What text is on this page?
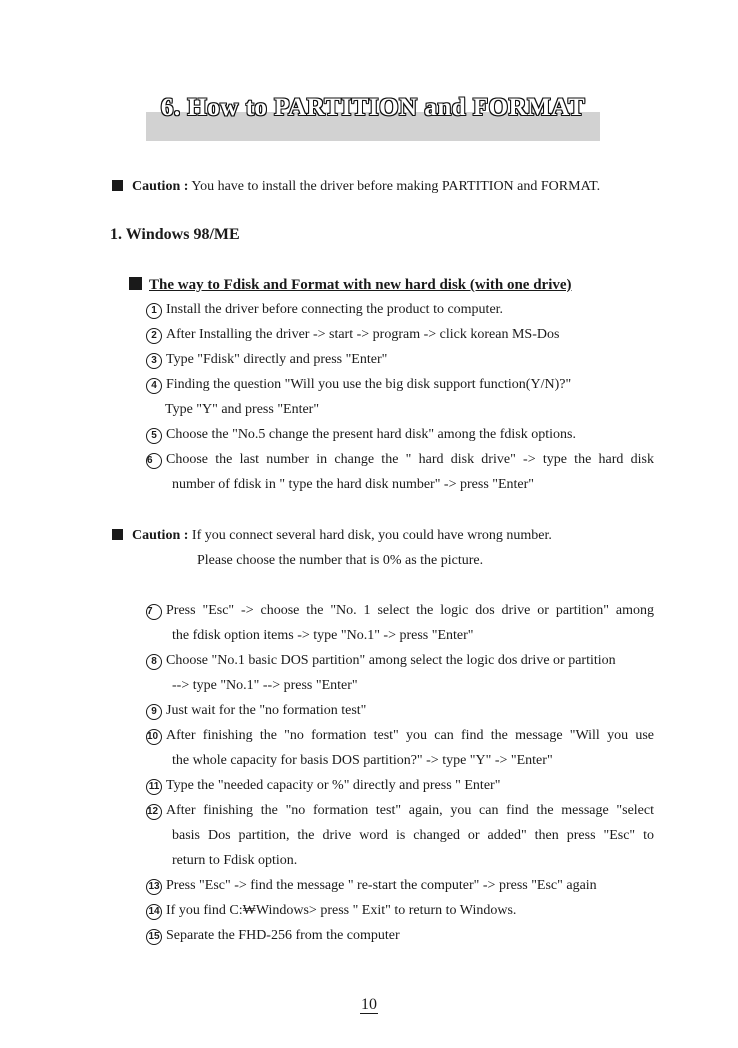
6. How to PARTITION and FORMAT
Caution : You have to install the driver before making PARTITION and FORMAT.
1. Windows 98/ME
The way to Fdisk and Format with new hard disk (with one drive)
1 Install the driver before connecting the product to computer.
2 After Installing the driver -> start -> program -> click korean MS-Dos
3 Type "Fdisk" directly and press "Enter"
4 Finding the question "Will you use the big disk support function(Y/N)?"
Type "Y" and press "Enter"
5 Choose the "No.5 change the present hard disk" among the fdisk options.
6 Choose the last number in change the " hard disk drive" -> type the hard disk
number of fdisk in " type the hard disk number" -> press "Enter"
Caution : If you connect several hard disk, you could have wrong number.
Please choose the number that is 0% as the picture.
7 Press "Esc" -> choose the "No. 1 select the logic dos drive or partition" among
the fdisk option items -> type "No.1" -> press "Enter"
8 Choose "No.1 basic DOS partition" among select the logic dos drive or partition
--> type "No.1" --> press "Enter"
9 Just wait for the "no formation test"
10 After finishing the "no formation test" you can find the message "Will you use
the whole capacity for basis DOS partition?" -> type "Y" -> "Enter"
11 Type the "needed capacity or %" directly and press " Enter"
12 After finishing the "no formation test" again, you can find the message "select
basis Dos partition, the drive word is changed or added" then press "Esc" to
return to Fdisk option.
13 Press "Esc" -> find the message " re-start the computer" -> press "Esc" again
14 If you find C:₩Windows> press " Exit" to return to Windows.
15 Separate the FHD-256 from the computer
10
